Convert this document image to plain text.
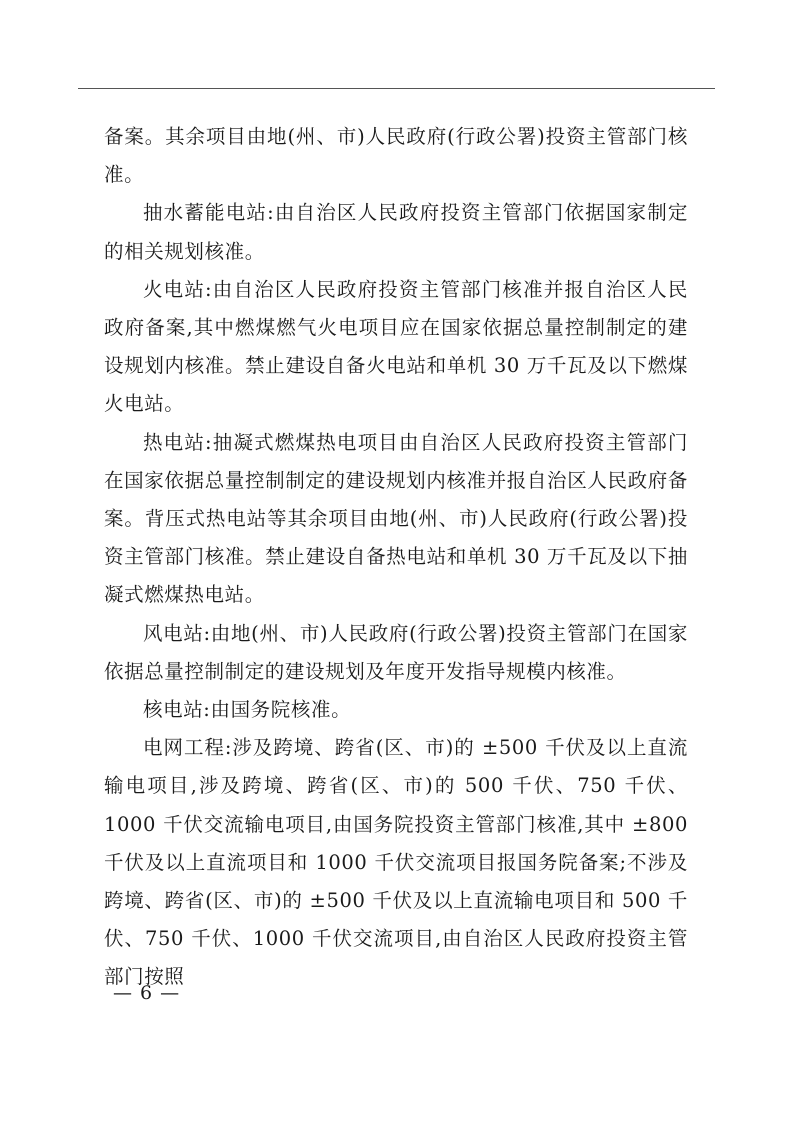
备案。其余项目由地(州、市)人民政府(行政公署)投资主管部门核准。

抽水蓄能电站:由自治区人民政府投资主管部门依据国家制定的相关规划核准。

火电站:由自治区人民政府投资主管部门核准并报自治区人民政府备案,其中燃煤燃气火电项目应在国家依据总量控制制定的建设规划内核准。禁止建设自备火电站和单机 30 万千瓦及以下燃煤火电站。

热电站:抽凝式燃煤热电项目由自治区人民政府投资主管部门在国家依据总量控制制定的建设规划内核准并报自治区人民政府备案。背压式热电站等其余项目由地(州、市)人民政府(行政公署)投资主管部门核准。禁止建设自备热电站和单机 30 万千瓦及以下抽凝式燃煤热电站。

风电站:由地(州、市)人民政府(行政公署)投资主管部门在国家依据总量控制制定的建设规划及年度开发指导规模内核准。

核电站:由国务院核准。

电网工程:涉及跨境、跨省(区、市)的 ±500 千伏及以上直流输电项目,涉及跨境、跨省(区、市)的 500 千伏、750 千伏、1000 千伏交流输电项目,由国务院投资主管部门核准,其中 ±800 千伏及以上直流项目和 1000 千伏交流项目报国务院备案;不涉及跨境、跨省(区、市)的 ±500 千伏及以上直流输电项目和 500 千伏、750 千伏、1000 千伏交流项目,由自治区人民政府投资主管部门按照

— 6 —
